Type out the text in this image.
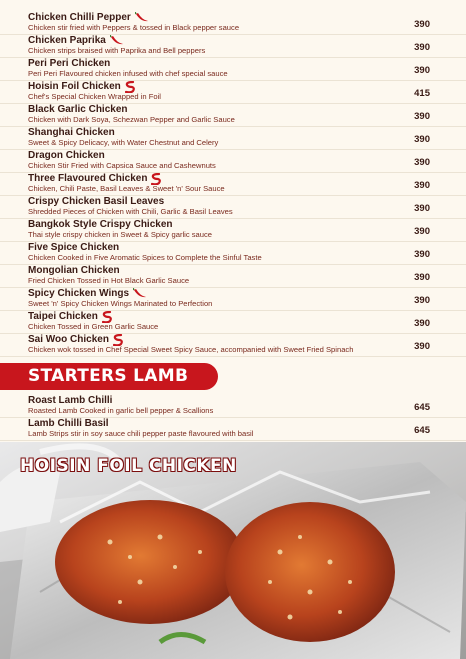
Chicken Chilli Pepper
Chicken stir fried with Peppers & tossed in Black pepper sauce	390
Chicken Paprika
Chicken strips braised with Paprika and Bell peppers	390
Peri Peri Chicken
Peri Peri Flavoured chicken infused with chef special sauce	390
Hoisin Foil Chicken
Chef's Special Chicken Wrapped in Foil	415
Black Garlic Chicken
Chicken with Dark Soya, Schezwan Pepper and Garlic Sauce	390
Shanghai Chicken
Sweet & Spicy Delicacy, with Water Chestnut and Celery	390
Dragon Chicken
Chicken Stir Fried with Capsica Sauce and Cashewnuts	390
Three Flavoured Chicken
Chicken, Chili Paste, Basil Leaves & Sweet 'n' Sour Sauce	390
Crispy Chicken Basil Leaves
Shredded Pieces of Chicken with Chili, Garlic & Basil Leaves	390
Bangkok Style Crispy Chicken
Thai style crispy chicken in Sweet & Spicy garlic sauce	390
Five Spice Chicken
Chicken Cooked in Five Aromatic Spices to Complete the Sinful Taste	390
Mongolian Chicken
Fried Chicken Tossed in Hot Black Garlic Sauce	390
Spicy Chicken Wings
Sweet 'n' Spicy Chicken Wings Marinated to Perfection	390
Taipei Chicken
Chicken Tossed in Green Garlic Sauce	390
Sai Woo Chicken
Chicken wok tossed in Chef Special Sweet Spicy Sauce, accompanied with Sweet Fried Spinach	390
STARTERS LAMB
Roast Lamb Chilli
Roasted Lamb Cooked in garlic bell pepper & Scallions	645
Lamb Chilli Basil
Lamb Strips stir in soy sauce chili pepper paste flavoured with basil	645
HOISIN FOIL CHICKEN
